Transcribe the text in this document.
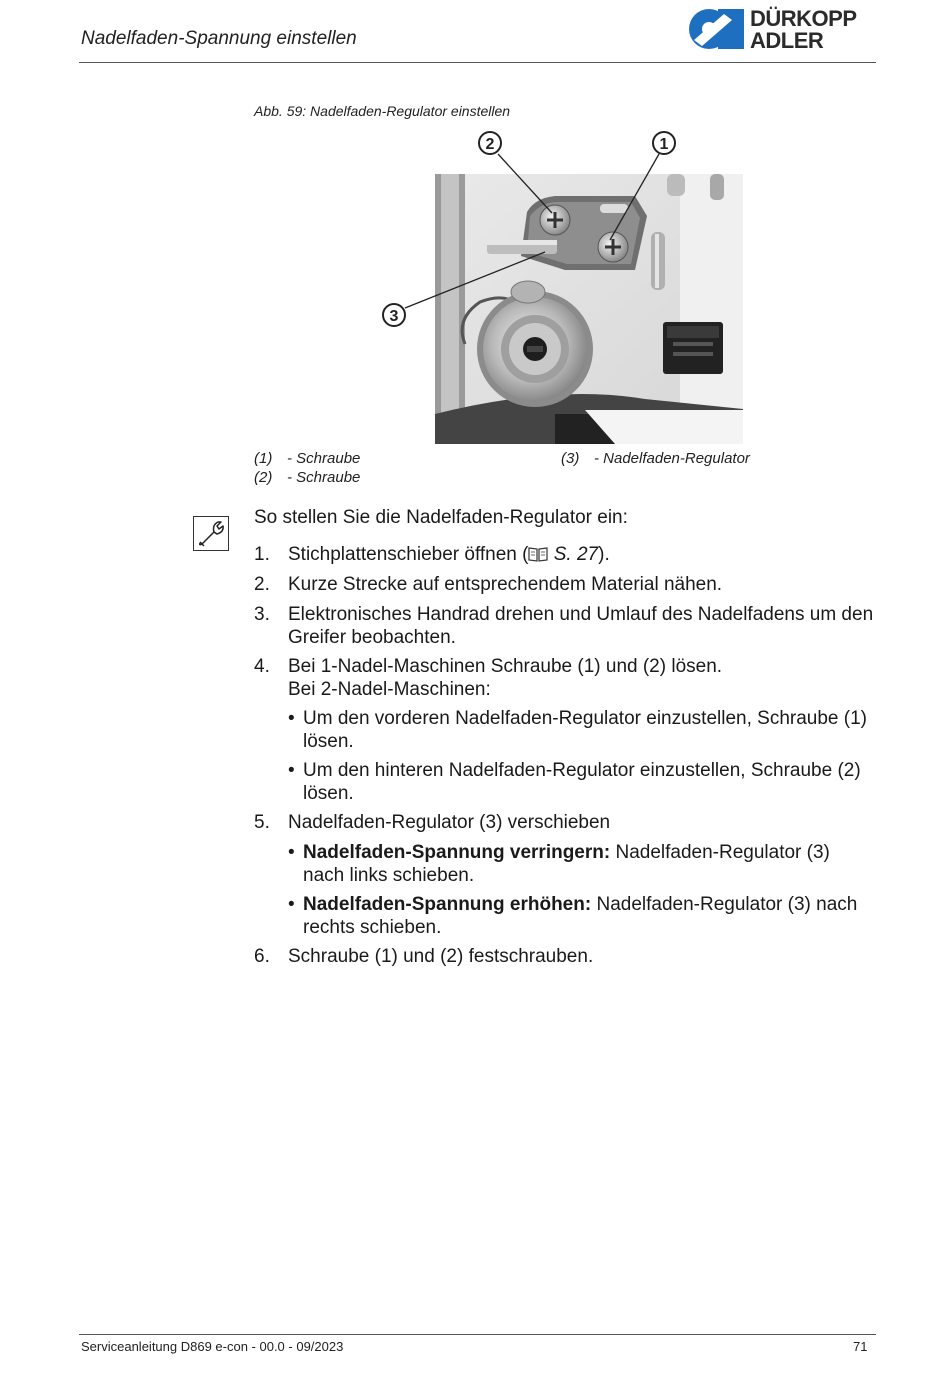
Nadelfaden-Spannung einstellen
DÜRKOPP
ADLER
Abb. 59: Nadelfaden-Regulator einstellen
2	1
3
(1) - Schraube
(2) - Schraube
(3) - Nadelfaden-Regulator
So stellen Sie die Nadelfaden-Regulator ein:
1. Stichplattenschieber öffnen ( S. 27).
2. Kurze Strecke auf entsprechendem Material nähen.
3. Elektronisches Handrad drehen und Umlauf des Nadelfadens um den Greifer beobachten.
4. Bei 1-Nadel-Maschinen Schraube (1) und (2) lösen.
Bei 2-Nadel-Maschinen:
• Um den vorderen Nadelfaden-Regulator einzustellen, Schraube (1) lösen.
• Um den hinteren Nadelfaden-Regulator einzustellen, Schraube (2) lösen.
5. Nadelfaden-Regulator (3) verschieben
• Nadelfaden-Spannung verringern: Nadelfaden-Regulator (3) nach links schieben.
• Nadelfaden-Spannung erhöhen: Nadelfaden-Regulator (3) nach rechts schieben.
6. Schraube (1) und (2) festschrauben.
Serviceanleitung D869 e-con - 00.0 - 09/2023	71
